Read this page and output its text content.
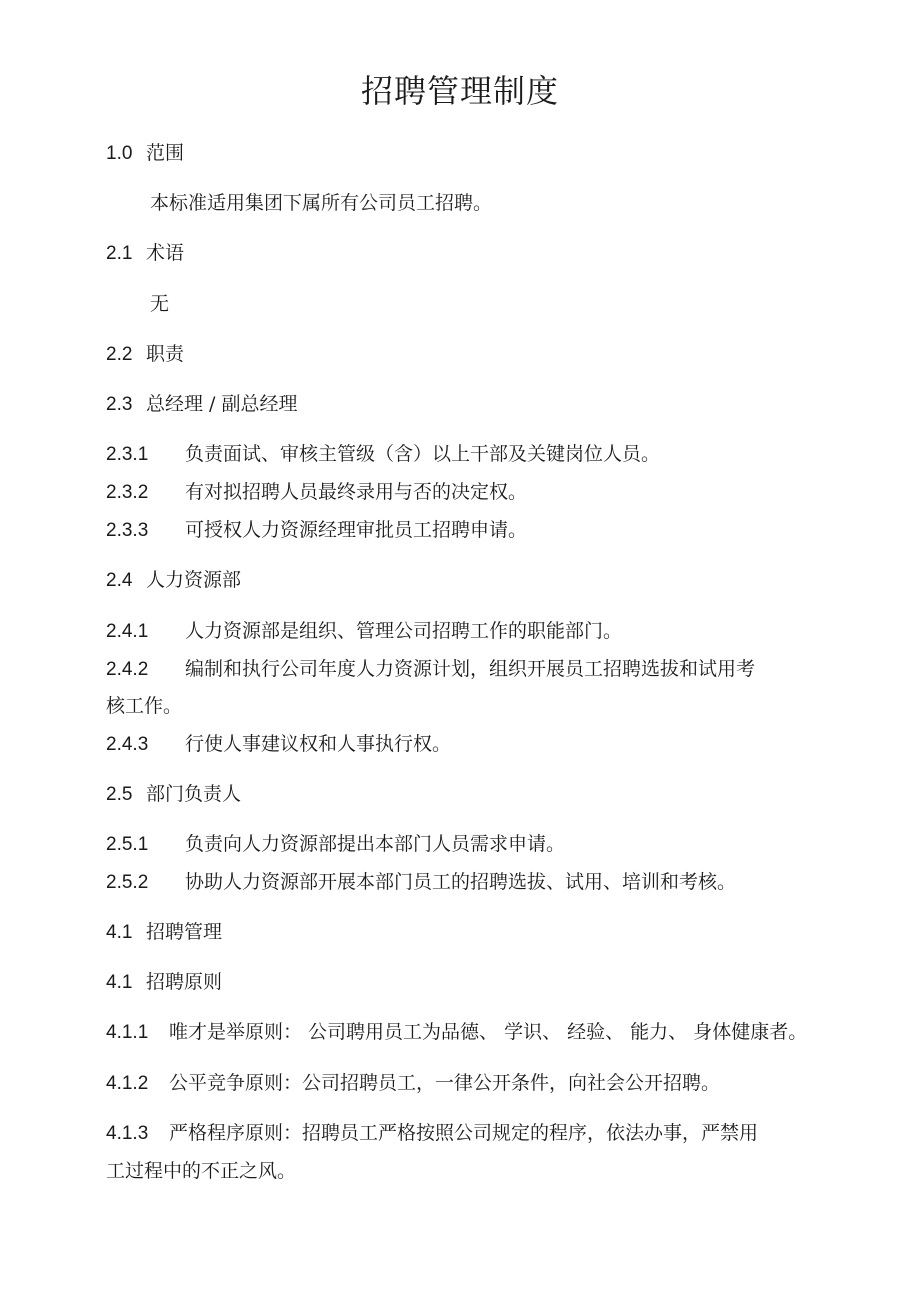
招聘管理制度
1.0 范围
本标准适用集团下属所有公司员工招聘。
2.1 术语
无
2.2 职责
2.3 总经理 / 副总经理
2.3.1 负责面试、审核主管级（含）以上干部及关键岗位人员。
2.3.2 有对拟招聘人员最终录用与否的决定权。
2.3.3 可授权人力资源经理审批员工招聘申请。
2.4 人力资源部
2.4.1 人力资源部是组织、管理公司招聘工作的职能部门。
2.4.2 编制和执行公司年度人力资源计划，组织开展员工招聘选拔和试用考
核工作。
2.4.3 行使人事建议权和人事执行权。
2.5 部门负责人
2.5.1 负责向人力资源部提出本部门人员需求申请。
2.5.2 协助人力资源部开展本部门员工的招聘选拔、试用、培训和考核。
4.1 招聘管理
4.1 招聘原则
4.1.1 唯才是举原则： 公司聘用员工为品德、 学识、 经验、 能力、 身体健康者。
4.1.2 公平竞争原则：公司招聘员工，一律公开条件，向社会公开招聘。
4.1.3 严格程序原则：招聘员工严格按照公司规定的程序，依法办事，严禁用
工过程中的不正之风。
